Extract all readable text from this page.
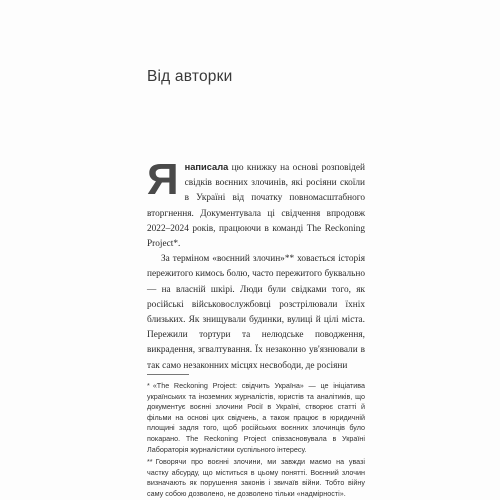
Від авторки

Янаписала цю книжку на основі розповідей свідків воєнних злочинів, які росіяни скоїли в Україні від початку повномасштабного вторгнення. Документувала ці свідчення впродовж 2022–2024 років, працюючи в команді The Reckoning Project*.

За терміном «воєнний злочин»** ховається історія пережитого кимось болю, часто пережитого буквально — на власній шкірі. Люди були свідками того, як російські військовослужбовці розстрілювали їхніх близьких. Як знищували будинки, вулиці й цілі міста. Пережили тортури та нелюдське поводження, викрадення, згвалтування. Їх незаконно ув'язнювали в так само незаконних місцях несвободи, де росіяни

* «The Reckoning Project: свідчить Україна» — це ініціатива українських та іноземних журналістів, юристів та аналітиків, що документує воєнні злочини Росії в Україні, створює статті й фільми на основі цих свідчень, а також працює в юридичній площині задля того, щоб російських воєнних злочинців було покарано. The Reckoning Project співзасновувала в Україні Лабораторія журналістики суспільного інтересу.

** Говорячи про воєнні злочини, ми завжди маємо на увазі частку абсурду, що міститься в цьому понятті. Воєнний злочин визначають як порушення законів і звичаїв війни. Тобто війну саму собою дозволено, не дозволено тільки «надмірності».
